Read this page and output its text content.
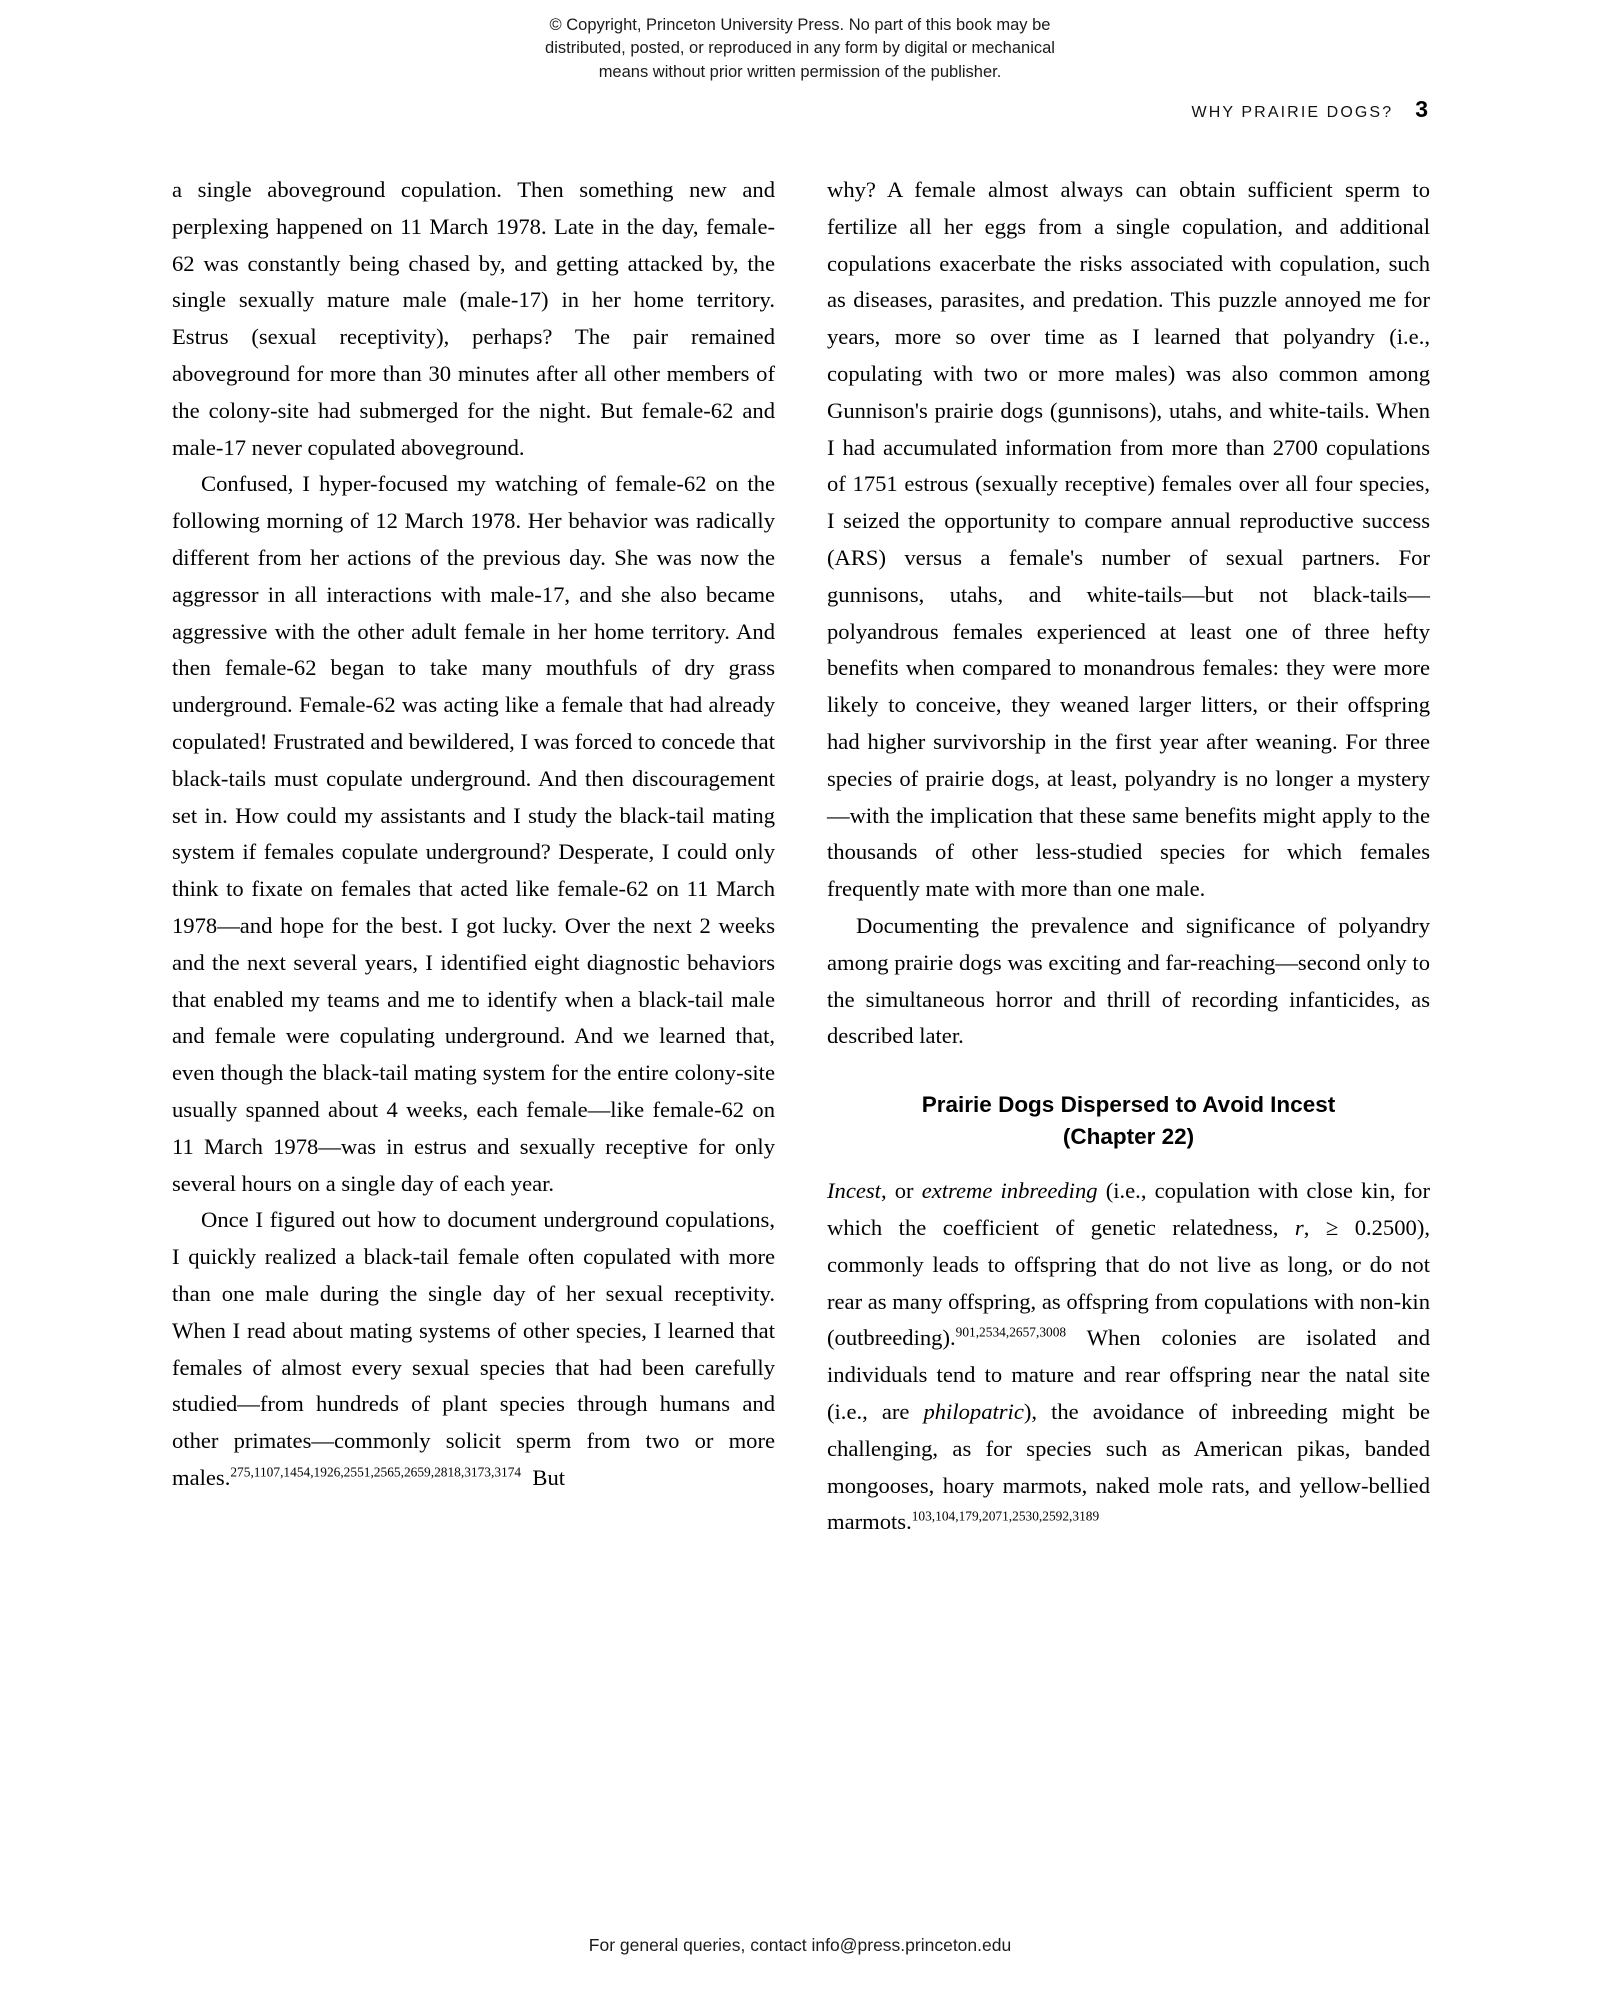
© Copyright, Princeton University Press. No part of this book may be
distributed, posted, or reproduced in any form by digital or mechanical
means without prior written permission of the publisher.
WHY PRAIRIE DOGS? 3

a single aboveground copulation. Then something new and perplexing happened on 11 March 1978. Late in the day, female-62 was constantly being chased by, and getting attacked by, the single sexually mature male (male-17) in her home territory. Estrus (sexual receptivity), perhaps? The pair remained aboveground for more than 30 minutes after all other members of the colony-site had submerged for the night. But female-62 and male-17 never copulated aboveground.

Confused, I hyper-focused my watching of female-62 on the following morning of 12 March 1978. Her behavior was radically different from her actions of the previous day. She was now the aggressor in all interactions with male-17, and she also became aggressive with the other adult female in her home territory. And then female-62 began to take many mouthfuls of dry grass underground. Female-62 was acting like a female that had already copulated! Frustrated and bewildered, I was forced to concede that black-tails must copulate underground. And then discouragement set in. How could my assistants and I study the black-tail mating system if females copulate underground? Desperate, I could only think to fixate on females that acted like female-62 on 11 March 1978—and hope for the best. I got lucky. Over the next 2 weeks and the next several years, I identified eight diagnostic behaviors that enabled my teams and me to identify when a black-tail male and female were copulating underground. And we learned that, even though the black-tail mating system for the entire colony-site usually spanned about 4 weeks, each female—like female-62 on 11 March 1978—was in estrus and sexually receptive for only several hours on a single day of each year.

Once I figured out how to document underground copulations, I quickly realized a black-tail female often copulated with more than one male during the single day of her sexual receptivity. When I read about mating systems of other species, I learned that females of almost every sexual species that had been carefully studied—from hundreds of plant species through humans and other primates—commonly solicit sperm from two or more males.$^{275,1107,1454,1926,2551,2565,2659,2818,3173,3174}$ But

why? A female almost always can obtain sufficient sperm to fertilize all her eggs from a single copulation, and additional copulations exacerbate the risks associated with copulation, such as diseases, parasites, and predation. This puzzle annoyed me for years, more so over time as I learned that polyandry (i.e., copulating with two or more males) was also common among Gunnison's prairie dogs (gunnisons), utahs, and white-tails. When I had accumulated information from more than 2700 copulations of 1751 estrous (sexually receptive) females over all four species, I seized the opportunity to compare annual reproductive success (ARS) versus a female's number of sexual partners. For gunnisons, utahs, and white-tails—but not black-tails—polyandrous females experienced at least one of three hefty benefits when compared to monandrous females: they were more likely to conceive, they weaned larger litters, or their offspring had higher survivorship in the first year after weaning. For three species of prairie dogs, at least, polyandry is no longer a mystery—with the implication that these same benefits might apply to the thousands of other less-studied species for which females frequently mate with more than one male.

Documenting the prevalence and significance of polyandry among prairie dogs was exciting and far-reaching—second only to the simultaneous horror and thrill of recording infanticides, as described later.

Prairie Dogs Dispersed to Avoid Incest
(Chapter 22)

Incest, or extreme inbreeding (i.e., copulation with close kin, for which the coefficient of genetic relatedness, r, ≥ 0.2500), commonly leads to offspring that do not live as long, or do not rear as many offspring, as offspring from copulations with non-kin (outbreeding).$^{901,2534,2657,3008}$ When colonies are isolated and individuals tend to mature and rear offspring near the natal site (i.e., are philopatric), the avoidance of inbreeding might be challenging, as for species such as American pikas, banded mongooses, hoary marmots, naked mole rats, and yellow-bellied marmots.$^{103,104,179,2071,2530,2592,3189}$

For general queries, contact info@press.princeton.edu
